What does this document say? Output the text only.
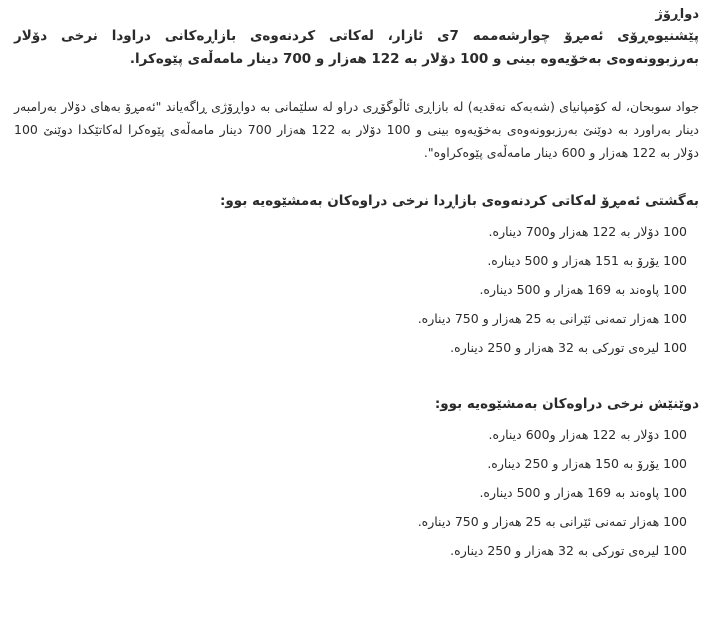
دواڕۆژ

پێشنیوەڕۆی ئەمڕۆ چوارشەممە 7ی ئازار، لەکاتی کردنەوەی بازاڕەکانی دراودا نرخی دۆلار بەرزبوونەوەی بەخۆیەوە بینی و 100 دۆلار بە 122 هەزار و 700 دینار مامەڵەی پێوەکرا.

جواد سوبحان، لە کۆمپانیای (شەبەکە نەقدیە) لە بازاڕی ئاڵوگۆڕی دراو لە سلێمانی بە دواڕۆژی ڕاگەیاند "ئەمڕۆ بەهای دۆلار بەرامبەر دینار بەراورد بە دوێنێ بەرزبوونەوەی بەخۆیەوە بینی و 100 دۆلار بە 122 هەزار 700 دینار مامەڵەی پێوەکرا لەکاتێکدا دوێنێ 100 دۆلار بە 122 هەزار و 600 دینار مامەڵەی پێوەکراوە".

بەگشتی ئەمڕۆ لەکاتی کردنەوەی بازاڕدا نرخی دراوەکان بەمشێوەیە بوو:
100 دۆلار بە 122 هەزار و700 دینارە.
100 یۆرۆ بە 151 هەزار و 500 دینارە.
100 پاوەند بە 169 هەزار و 500 دینارە.
100 هەزار تمەنی ئێرانی بە 25 هەزار و 750 دینارە.
100 لیرەی تورکی بە 32 هەزار و 250 دینارە.
دوێنێش نرخی دراوەکان بەمشێوەیە بوو:
100 دۆلار بە 122 هەزار و600 دینارە.
100 یۆرۆ بە 150 هەزار و 250 دینارە.
100 پاوەند بە 169 هەزار و 500 دینارە.
100 هەزار تمەنی ئێرانی بە 25 هەزار و 750 دینارە.
100 لیرەی تورکی بە 32 هەزار و 250 دینارە.
